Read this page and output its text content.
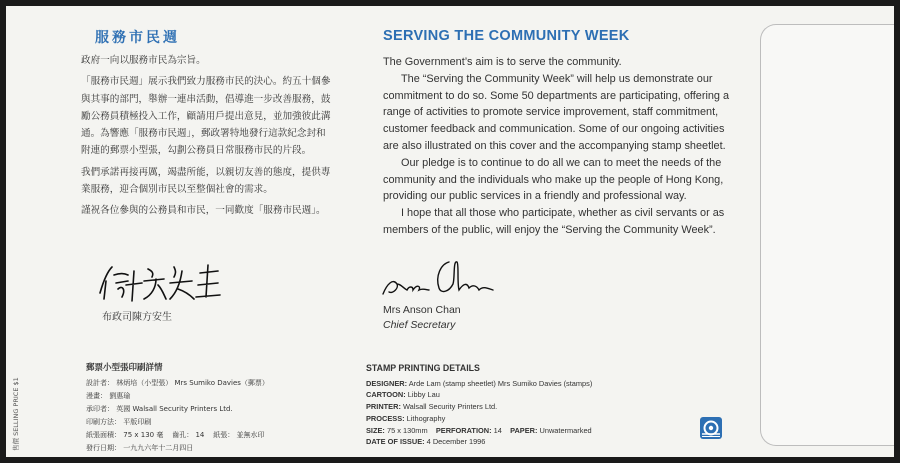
服務市民週

政府一向以服務市民為宗旨。

「服務市民週」展示我們致力服務市民的決心。約五十個參與其事的部門，舉辦一連串活動，倡導進一步改善服務，鼓勵公務員積極投入工作，顧請用戶提出意見，並加強彼此溝通。為響應「服務市民週」，郵政署特地發行這款紀念封和附連的郵票小型張，勾劃公務員日常服務市民的片段。

我們承諾再接再厲，竭盡所能，以親切友善的態度，提供專業服務，迎合個別市民以至整個社會的需求。

謹祝各位參與的公務員和市民，一同歡度「服務市民週」。

布政司陳方安生
SERVING THE COMMUNITY WEEK

The Government’s aim is to serve the community.

The “Serving the Community Week” will help us demonstrate our commitment to do so. Some 50 departments are participating, offering a range of activities to promote service improvement, staff commitment, customer feedback and communication. Some of our ongoing activities are also illustrated on this cover and the accompanying stamp sheetlet.

Our pledge is to continue to do all we can to meet the needs of the community and the individuals who make up the people of Hong Kong, providing our public services in a friendly and professional way.

I hope that all those who participate, whether as civil servants or as members of the public, will enjoy the “Serving the Community Week”.

Mrs Anson Chan
Chief Secretary
售價 SELLING PRICE $1
郵票小型張印刷詳情
設計者： 林炳培（小型張） Mrs Sumiko Davies（郵票）
漫畫： 劉惠瑜
承印者： 英國 Walsall Security Printers Ltd.
印刷方法： 平版印刷
紙張面積： 75 x 130 毫 齒孔： 14 紙張： 並無水印
發行日期： 一九九六年十二月四日
STAMP PRINTING DETAILS
DESIGNER: Arde Lam (stamp sheetlet) Mrs Sumiko Davies (stamps)
CARTOON: Libby Lau
PRINTER: Walsall Security Printers Ltd.
PROCESS: Lithography
SIZE: 75 x 130mm PERFORATION: 14 PAPER: Unwatermarked
DATE OF ISSUE: 4 December 1996
